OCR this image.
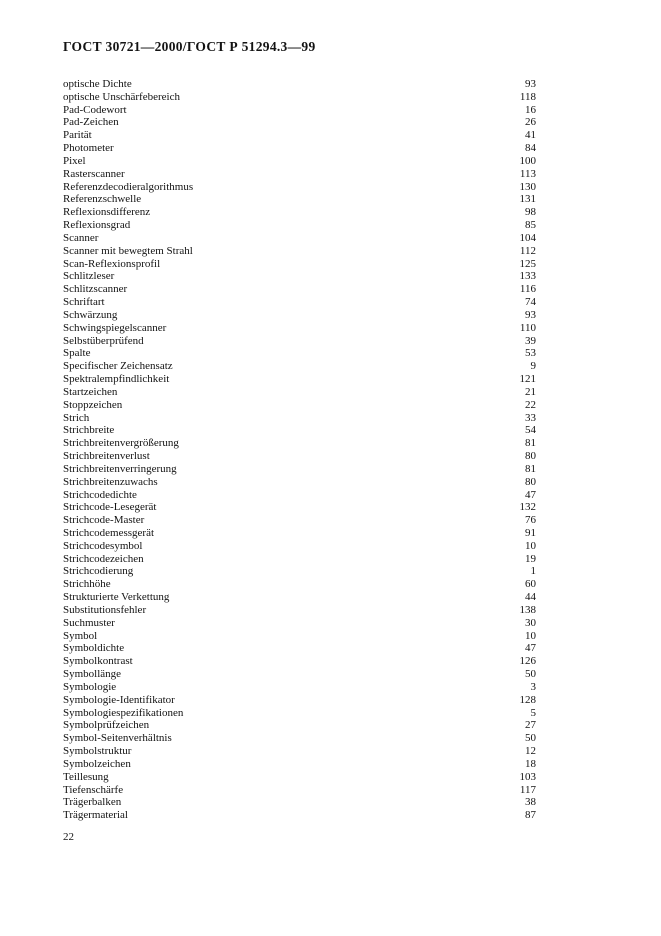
ГОСТ 30721—2000/ГОСТ Р 51294.3—99
optische Dichte	93
optische Unschärfebereich	118
Pad-Codewort	16
Pad-Zeichen	26
Parität	41
Photometer	84
Pixel	100
Rasterscanner	113
Referenzdecodieralgorithmus	130
Referenzschwelle	131
Reflexionsdifferenz	98
Reflexionsgrad	85
Scanner	104
Scanner mit bewegtem Strahl	112
Scan-Reflexionsprofil	125
Schlitzleser	133
Schlitzscanner	116
Schriftart	74
Schwärzung	93
Schwingspiegelscanner	110
Selbstüberprüfend	39
Spalte	53
Specifischer Zeichensatz	9
Spektralempfindlichkeit	121
Startzeichen	21
Stoppzeichen	22
Strich	33
Strichbreite	54
Strichbreitenvergrößerung	81
Strichbreitenverlust	80
Strichbreitenverringerung	81
Strichbreitenzuwachs	80
Strichcodedichte	47
Strichcode-Lesegerät	132
Strichcode-Master	76
Strichcodemessgerät	91
Strichcodesymbol	10
Strichcodezeichen	19
Strichcodierung	1
Strichhöhe	60
Strukturierte Verkettung	44
Substitutionsfehler	138
Suchmuster	30
Symbol	10
Symboldichte	47
Symbolkontrast	126
Symbollänge	50
Symbologie	3
Symbologie-Identifikator	128
Symbologiespezifikationen	5
Symbolprüfzeichen	27
Symbol-Seitenverhältnis	50
Symbolstruktur	12
Symbolzeichen	18
Teillesung	103
Tiefenschärfe	117
Trägerbalken	38
Trägermaterial	87
22
